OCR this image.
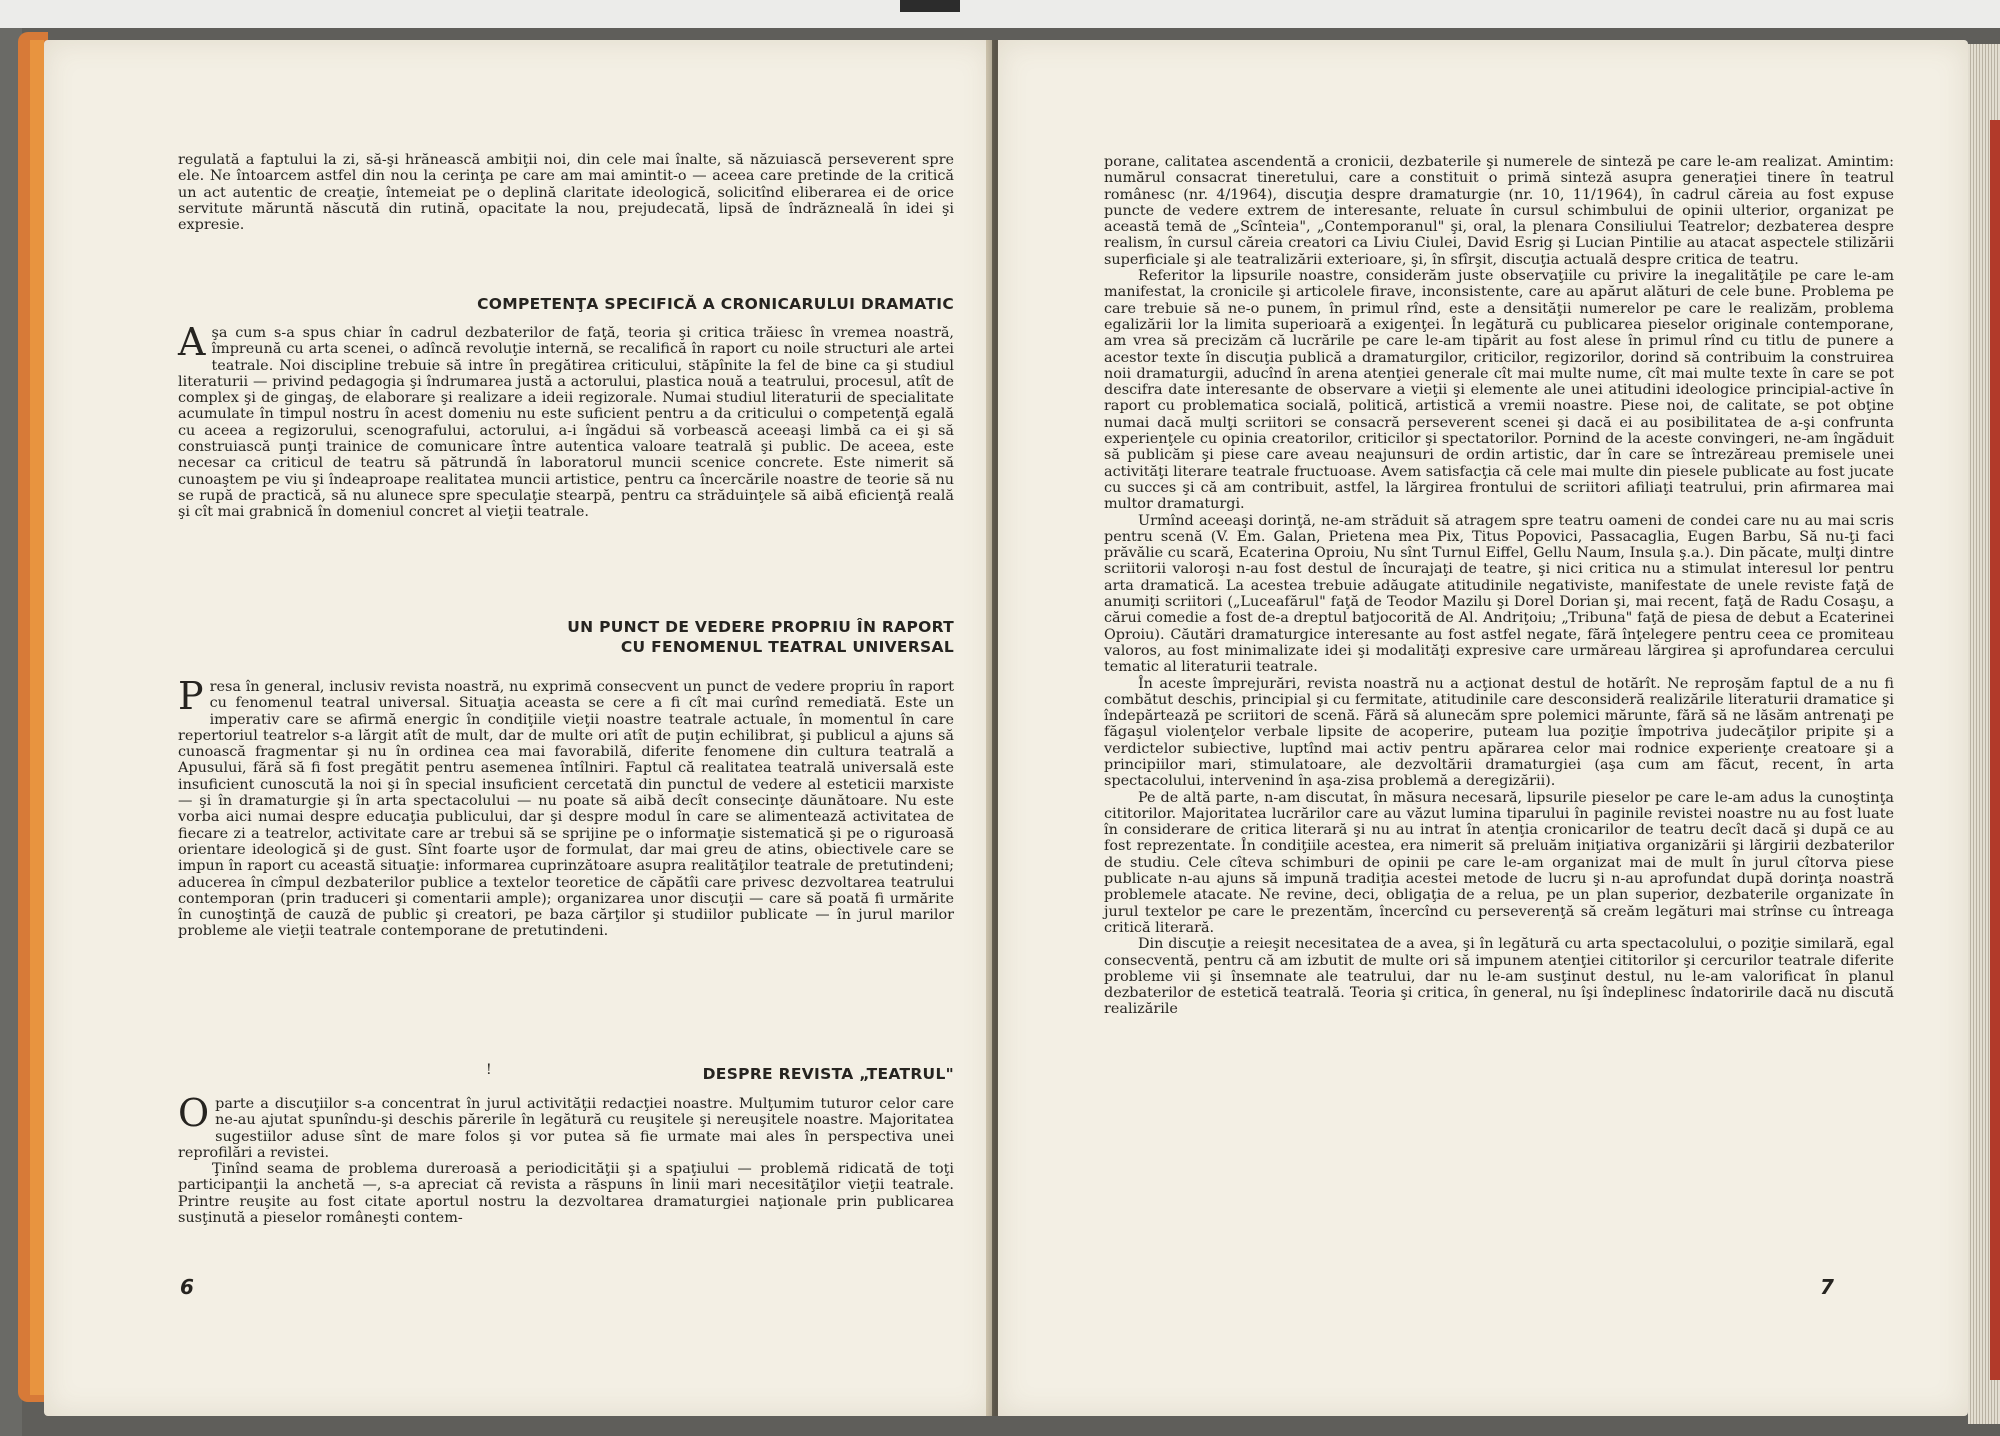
regulată a faptului la zi, să-şi hrănească ambiţii noi, din cele mai înalte, să năzuiască perseverent spre ele. Ne întoarcem astfel din nou la cerinţa pe care am mai amintit-o — aceea care pretinde de la critică un act autentic de creaţie, întemeiat pe o deplină claritate ideologică, solicitînd eliberarea ei de orice servitute măruntă născută din rutină, opacitate la nou, prejudecată, lipsă de îndrăzneală în idei şi expresie.

COMPETENŢA SPECIFICĂ A CRONICARULUI DRAMATIC

Aşa cum s-a spus chiar în cadrul dezbaterilor de faţă, teoria şi critica trăiesc în vremea noastră, împreună cu arta scenei, o adîncă revoluţie internă, se recalifică în raport cu noile structuri ale artei teatrale. Noi discipline trebuie să intre în pregătirea criticului, stăpînite la fel de bine ca şi studiul literaturii — privind pedagogia şi îndrumarea justă a actorului, plastica nouă a teatrului, procesul, atît de complex şi de gingaş, de elaborare şi realizare a ideii regizorale. Numai studiul literaturii de specialitate acumulate în timpul nostru în acest domeniu nu este suficient pentru a da criticului o competenţă egală cu aceea a regizorului, scenografului, actorului, a-i îngădui să vorbească aceeaşi limbă ca ei şi să construiască punţi trainice de comunicare între autentica valoare teatrală şi public. De aceea, este necesar ca criticul de teatru să pătrundă în laboratorul muncii scenice concrete. Este nimerit să cunoaştem pe viu şi îndeaproape realitatea muncii artistice, pentru ca încercările noastre de teorie să nu se rupă de practică, să nu alunece spre speculaţie stearpă, pentru ca străduinţele să aibă eficienţă reală şi cît mai grabnică în domeniul concret al vieţii teatrale.

UN PUNCT DE VEDERE PROPRIU ÎN RAPORT
CU FENOMENUL TEATRAL UNIVERSAL

Presa în general, inclusiv revista noastră, nu exprimă consecvent un punct de vedere propriu în raport cu fenomenul teatral universal. Situaţia aceasta se cere a fi cît mai curînd remediată. Este un imperativ care se afirmă energic în condiţiile vieţii noastre teatrale actuale, în momentul în care repertoriul teatrelor s-a lărgit atît de mult, dar de multe ori atît de puţin echilibrat, şi publicul a ajuns să cunoască fragmentar şi nu în ordinea cea mai favorabilă, diferite fenomene din cultura teatrală a Apusului, fără să fi fost pregătit pentru asemenea întîlniri. Faptul că realitatea teatrală universală este insuficient cunoscută la noi şi în special insuficient cercetată din punctul de vedere al esteticii marxiste — şi în dramaturgie şi în arta spectacolului — nu poate să aibă decît consecinţe dăunătoare. Nu este vorba aici numai despre educaţia publicului, dar şi despre modul în care se alimentează activitatea de fiecare zi a teatrelor, activitate care ar trebui să se sprijine pe o informaţie sistematică şi pe o riguroasă orientare ideologică şi de gust. Sînt foarte uşor de formulat, dar mai greu de atins, obiectivele care se impun în raport cu această situaţie: informarea cuprinzătoare asupra realităţilor teatrale de pretutindeni; aducerea în cîmpul dezbaterilor publice a textelor teoretice de căpătîi care privesc dezvoltarea teatrului contemporan (prin traduceri şi comentarii ample); organizarea unor discuţii — care să poată fi urmărite în cunoştinţă de cauză de public şi creatori, pe baza cărţilor şi studiilor publicate — în jurul marilor probleme ale vieţii teatrale contemporane de pretutindeni.

!	DESPRE REVISTA „TEATRUL"

Oparte a discuţiilor s-a concentrat în jurul activităţii redacţiei noastre. Mulţumim tuturor celor care ne-au ajutat spunîndu-şi deschis părerile în legătură cu reuşitele şi nereuşitele noastre. Majoritatea sugestiilor aduse sînt de mare folos şi vor putea să fie urmate mai ales în perspectiva unei reprofilări a revistei.

Ţinînd seama de problema dureroasă a periodicităţii şi a spaţiului — problemă ridicată de toţi participanţii la anchetă —, s-a apreciat că revista a răspuns în linii mari necesităţilor vieţii teatrale. Printre reuşite au fost citate aportul nostru la dezvoltarea dramaturgiei naţionale prin publicarea susţinută a pieselor româneşti contem-

6

porane, calitatea ascendentă a cronicii, dezbaterile şi numerele de sinteză pe care le-am realizat. Amintim: numărul consacrat tineretului, care a constituit o primă sinteză asupra generaţiei tinere în teatrul românesc (nr. 4/1964), discuţia despre dramaturgie (nr. 10, 11/1964), în cadrul căreia au fost expuse puncte de vedere extrem de interesante, reluate în cursul schimbului de opinii ulterior, organizat pe această temă de „Scînteia", „Contemporanul" şi, oral, la plenara Consiliului Teatrelor; dezbaterea despre realism, în cursul căreia creatori ca Liviu Ciulei, David Esrig şi Lucian Pintilie au atacat aspectele stilizării superficiale şi ale teatralizării exterioare, şi, în sfîrşit, discuţia actuală despre critica de teatru.

Referitor la lipsurile noastre, considerăm juste observaţiile cu privire la inegalităţile pe care le-am manifestat, la cronicile şi articolele firave, inconsistente, care au apărut alături de cele bune. Problema pe care trebuie să ne-o punem, în primul rînd, este a densităţii numerelor pe care le realizăm, problema egalizării lor la limita superioară a exigenţei. În legătură cu publicarea pieselor originale contemporane, am vrea să precizăm că lucrările pe care le-am tipărit au fost alese în primul rînd cu titlu de punere a acestor texte în discuţia publică a dramaturgilor, criticilor, regizorilor, dorind să contribuim la construirea noii dramaturgii, aducînd în arena atenţiei generale cît mai multe nume, cît mai multe texte în care se pot descifra date interesante de observare a vieţii şi elemente ale unei atitudini ideologice principial-active în raport cu problematica socială, politică, artistică a vremii noastre. Piese noi, de calitate, se pot obţine numai dacă mulţi scriitori se consacră perseverent scenei şi dacă ei au posibilitatea de a-şi confrunta experienţele cu opinia creatorilor, criticilor şi spectatorilor. Pornind de la aceste convingeri, ne-am îngăduit să publicăm şi piese care aveau neajunsuri de ordin artistic, dar în care se întrezăreau premisele unei activităţi literare teatrale fructuoase. Avem satisfacţia că cele mai multe din piesele publicate au fost jucate cu succes şi că am contribuit, astfel, la lărgirea frontului de scriitori afiliaţi teatrului, prin afirmarea mai multor dramaturgi.

Urmînd aceeaşi dorinţă, ne-am străduit să atragem spre teatru oameni de condei care nu au mai scris pentru scenă (V. Em. Galan, Prietena mea Pix, Titus Popovici, Passacaglia, Eugen Barbu, Să nu-ţi faci prăvălie cu scară, Ecaterina Oproiu, Nu sînt Turnul Eiffel, Gellu Naum, Insula ş.a.). Din păcate, mulţi dintre scriitorii valoroşi n-au fost destul de încurajaţi de teatre, şi nici critica nu a stimulat interesul lor pentru arta dramatică. La acestea trebuie adăugate atitudinile negativiste, manifestate de unele reviste faţă de anumiţi scriitori („Luceafărul" faţă de Teodor Mazilu şi Dorel Dorian şi, mai recent, faţă de Radu Cosaşu, a cărui comedie a fost de-a dreptul batjocorită de Al. Andriţoiu; „Tribuna" faţă de piesa de debut a Ecaterinei Oproiu). Căutări dramaturgice interesante au fost astfel negate, fără înţelegere pentru ceea ce promiteau valoros, au fost minimalizate idei şi modalităţi expresive care urmăreau lărgirea şi aprofundarea cercului tematic al literaturii teatrale.

În aceste împrejurări, revista noastră nu a acţionat destul de hotărît. Ne reproşăm faptul de a nu fi combătut deschis, principial şi cu fermitate, atitudinile care desconsideră realizările literaturii dramatice şi îndepărtează pe scriitori de scenă. Fără să alunecăm spre polemici mărunte, fără să ne lăsăm antrenaţi pe făgaşul violenţelor verbale lipsite de acoperire, puteam lua poziţie împotriva judecăţilor pripite şi a verdictelor subiective, luptînd mai activ pentru apărarea celor mai rodnice experienţe creatoare şi a principiilor mari, stimulatoare, ale dezvoltării dramaturgiei (aşa cum am făcut, recent, în arta spectacolului, intervenind în aşa-zisa problemă a deregizării).

Pe de altă parte, n-am discutat, în măsura necesară, lipsurile pieselor pe care le-am adus la cunoştinţa cititorilor. Majoritatea lucrărilor care au văzut lumina tiparului în paginile revistei noastre nu au fost luate în considerare de critica literară şi nu au intrat în atenţia cronicarilor de teatru decît dacă şi după ce au fost reprezentate. În condiţiile acestea, era nimerit să preluăm iniţiativa organizării şi lărgirii dezbaterilor de studiu. Cele cîteva schimburi de opinii pe care le-am organizat mai de mult în jurul cîtorva piese publicate n-au ajuns să impună tradiţia acestei metode de lucru şi n-au aprofundat după dorinţa noastră problemele atacate. Ne revine, deci, obligaţia de a relua, pe un plan superior, dezbaterile organizate în jurul textelor pe care le prezentăm, încercînd cu perseverenţă să creăm legături mai strînse cu întreaga critică literară.

Din discuţie a reieşit necesitatea de a avea, şi în legătură cu arta spectacolului, o poziţie similară, egal consecventă, pentru că am izbutit de multe ori să impunem atenţiei cititorilor şi cercurilor teatrale diferite probleme vii şi însemnate ale teatrului, dar nu le-am susţinut destul, nu le-am valorificat în planul dezbaterilor de estetică teatrală. Teoria şi critica, în general, nu îşi îndeplinesc îndatoririle dacă nu discută realizările

7
